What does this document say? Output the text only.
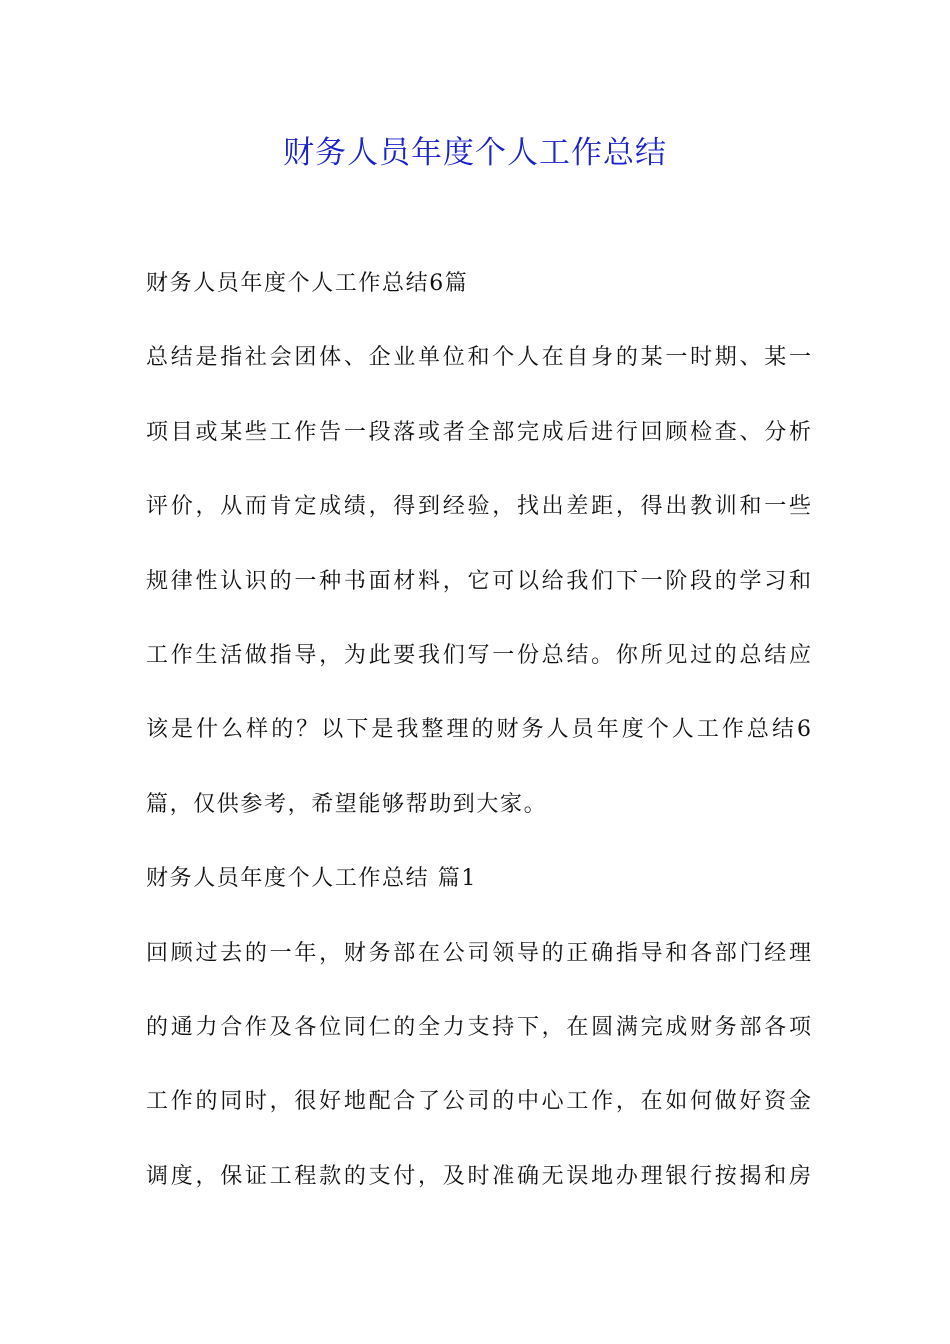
财务人员年度个人工作总结
财务人员年度个人工作总结6篇
总结是指社会团体、企业单位和个人在自身的某一时期、某一
项目或某些工作告一段落或者全部完成后进行回顾检查、分析
评价，从而肯定成绩，得到经验，找出差距，得出教训和一些
规律性认识的一种书面材料，它可以给我们下一阶段的学习和
工作生活做指导，为此要我们写一份总结。你所见过的总结应
该是什么样的？以下是我整理的财务人员年度个人工作总结6
篇，仅供参考，希望能够帮助到大家。
财务人员年度个人工作总结 篇1
回顾过去的一年，财务部在公司领导的正确指导和各部门经理
的通力合作及各位同仁的全力支持下，在圆满完成财务部各项
工作的同时，很好地配合了公司的中心工作，在如何做好资金
调度，保证工程款的支付，及时准确无误地办理银行按揭和房
